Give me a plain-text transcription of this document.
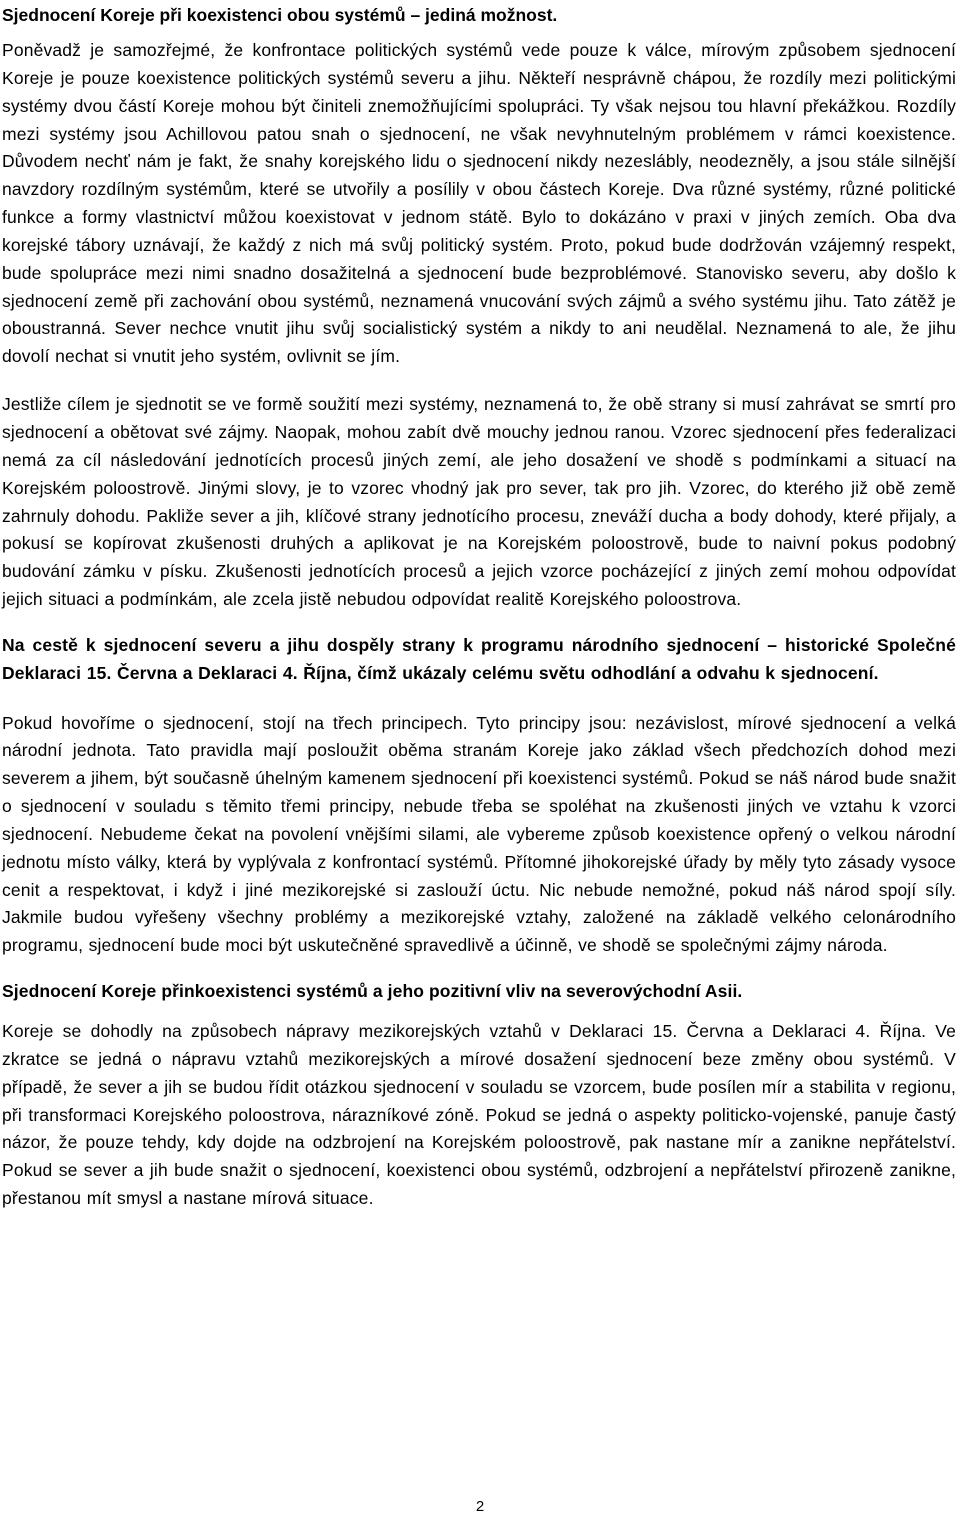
Sjednocení Koreje při koexistenci obou systémů – jediná možnost.

Poněvadž je samozřejmé, že konfrontace politických systémů vede pouze k válce, mírovým způsobem sjednocení Koreje je pouze koexistence politických systémů severu a jihu. Někteří nesprávně chápou, že rozdíly mezi politickými systémy dvou částí Koreje mohou být činiteli znemožňujícími spolupráci. Ty však nejsou tou hlavní překážkou. Rozdíly mezi systémy jsou Achillovou patou snah o sjednocení, ne však nevyhnutelným problémem v rámci koexistence. Důvodem nechť nám je fakt, že snahy korejského lidu o sjednocení nikdy nezeslábly, neodezněly, a jsou stále silnější navzdory rozdílným systémům, které se utvořily a posílily v obou částech Koreje. Dva různé systémy, různé politické funkce a formy vlastnictví můžou koexistovat v jednom státě. Bylo to dokázáno v praxi v jiných zemích. Oba dva korejské tábory uznávají, že každý z nich má svůj politický systém. Proto, pokud bude dodržován vzájemný respekt, bude spolupráce mezi nimi snadno dosažitelná a sjednocení bude bezproblémové. Stanovisko severu, aby došlo k sjednocení země při zachování obou systémů, neznamená vnucování svých zájmů a svého systému jihu. Tato zátěž je oboustranná. Sever nechce vnutit jihu svůj socialistický systém a nikdy to ani neudělal. Neznamená to ale, že jihu dovolí nechat si vnutit jeho systém, ovlivnit se jím.

Jestliže cílem je sjednotit se ve formě soužití mezi systémy, neznamená to, že obě strany si musí zahrávat se smrtí pro sjednocení a obětovat své zájmy. Naopak, mohou zabít dvě mouchy jednou ranou. Vzorec sjednocení přes federalizaci nemá za cíl následování jednotících procesů jiných zemí, ale jeho dosažení ve shodě s podmínkami a situací na Korejském poloostrově. Jinými slovy, je to vzorec vhodný jak pro sever, tak pro jih. Vzorec, do kterého již obě země zahrnuly dohodu. Pakliže sever a jih, klíčové strany jednotícího procesu, zneváží ducha a body dohody, které přijaly, a pokusí se kopírovat zkušenosti druhých a aplikovat je na Korejském poloostrově, bude to naivní pokus podobný budování zámku v písku. Zkušenosti jednotících procesů a jejich vzorce pocházející z jiných zemí mohou odpovídat jejich situaci a podmínkám, ale zcela jistě nebudou odpovídat realitě Korejského poloostrova.

Na cestě k sjednocení severu a jihu dospěly strany k programu národního sjednocení – historické Společné Deklaraci 15. Června a Deklaraci 4. Října, čímž ukázaly celému světu odhodlání a odvahu k sjednocení.

Pokud hovoříme o sjednocení, stojí na třech principech. Tyto principy jsou: nezávislost, mírové sjednocení a velká národní jednota. Tato pravidla mají posloužit oběma stranám Koreje jako základ všech předchozích dohod mezi severem a jihem, být současně úhelným kamenem sjednocení při koexistenci systémů. Pokud se náš národ bude snažit o sjednocení v souladu s těmito třemi principy, nebude třeba se spoléhat na zkušenosti jiných ve vztahu k vzorci sjednocení. Nebudeme čekat na povolení vnějšími silami, ale vybereme způsob koexistence opřený o velkou národní jednotu místo války, která by vyplývala z konfrontací systémů. Přítomné jihokorejské úřady by měly tyto zásady vysoce cenit a respektovat, i když i jiné mezikorejské si zaslouží úctu. Nic nebude nemožné, pokud náš národ spojí síly. Jakmile budou vyřešeny všechny problémy a mezikorejské vztahy, založené na základě velkého celonárodního programu, sjednocení bude moci být uskutečněné spravedlivě a účinně, ve shodě se společnými zájmy národa.

Sjednocení Koreje přinkoexistenci systémů a jeho pozitivní vliv na severovýchodní Asii.

Koreje se dohodly na způsobech nápravy mezikorejských vztahů v Deklaraci 15. Června a Deklaraci 4. Října. Ve zkratce se jedná o nápravu vztahů mezikorejských a mírové dosažení sjednocení beze změny obou systémů. V případě, že sever a jih se budou řídit otázkou sjednocení v souladu se vzorcem, bude posílen mír a stabilita v regionu, při transformaci Korejského poloostrova, nárazníkové zóně. Pokud se jedná o aspekty politicko-vojenské, panuje častý názor, že pouze tehdy, kdy dojde na odzbrojení na Korejském poloostrově, pak nastane mír a zanikne nepřátelství. Pokud se sever a jih bude snažit o sjednocení, koexistenci obou systémů, odzbrojení a nepřátelství přirozeně zanikne, přestanou mít smysl a nastane mírová situace.

2
